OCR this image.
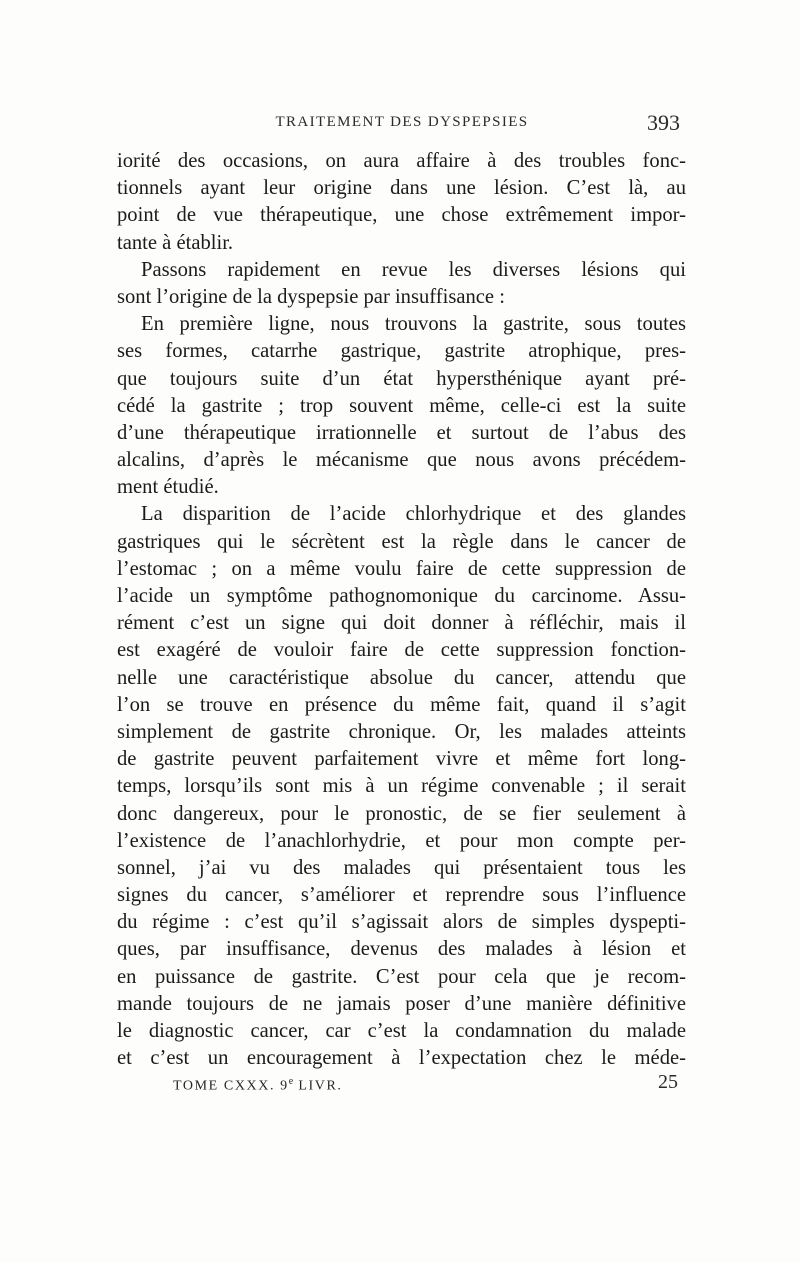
TRAITEMENT DES DYSPEPSIES	393
iorité des occasions, on aura affaire à des troubles fonc-
tionnels ayant leur origine dans une lésion. C’est là, au
point de vue thérapeutique, une chose extrêmement impor-
tante à établir.
Passons rapidement en revue les diverses lésions qui
sont l’origine de la dyspepsie par insuffisance :
En première ligne, nous trouvons la gastrite, sous toutes
ses formes, catarrhe gastrique, gastrite atrophique, pres-
que toujours suite d’un état hypersthénique ayant pré-
cédé la gastrite ; trop souvent même, celle-ci est la suite
d’une thérapeutique irrationnelle et surtout de l’abus des
alcalins, d’après le mécanisme que nous avons précédem-
ment étudié.
La disparition de l’acide chlorhydrique et des glandes
gastriques qui le sécrètent est la règle dans le cancer de
l’estomac ; on a même voulu faire de cette suppression de
l’acide un symptôme pathognomonique du carcinome. Assu-
rément c’est un signe qui doit donner à réfléchir, mais il
est exagéré de vouloir faire de cette suppression fonction-
nelle une caractéristique absolue du cancer, attendu que
l’on se trouve en présence du même fait, quand il s’agit
simplement de gastrite chronique. Or, les malades atteints
de gastrite peuvent parfaitement vivre et même fort long-
temps, lorsqu’ils sont mis à un régime convenable ; il serait
donc dangereux, pour le pronostic, de se fier seulement à
l’existence de l’anachlorhydrie, et pour mon compte per-
sonnel, j’ai vu des malades qui présentaient tous les
signes du cancer, s’améliorer et reprendre sous l’influence
du régime : c’est qu’il s’agissait alors de simples dyspepti-
ques, par insuffisance, devenus des malades à lésion et
en puissance de gastrite. C’est pour cela que je recom-
mande toujours de ne jamais poser d’une manière définitive
le diagnostic cancer, car c’est la condamnation du malade
et c’est un encouragement à l’expectation chez le méde-
TOME CXXX. 9e LIVR.	25
